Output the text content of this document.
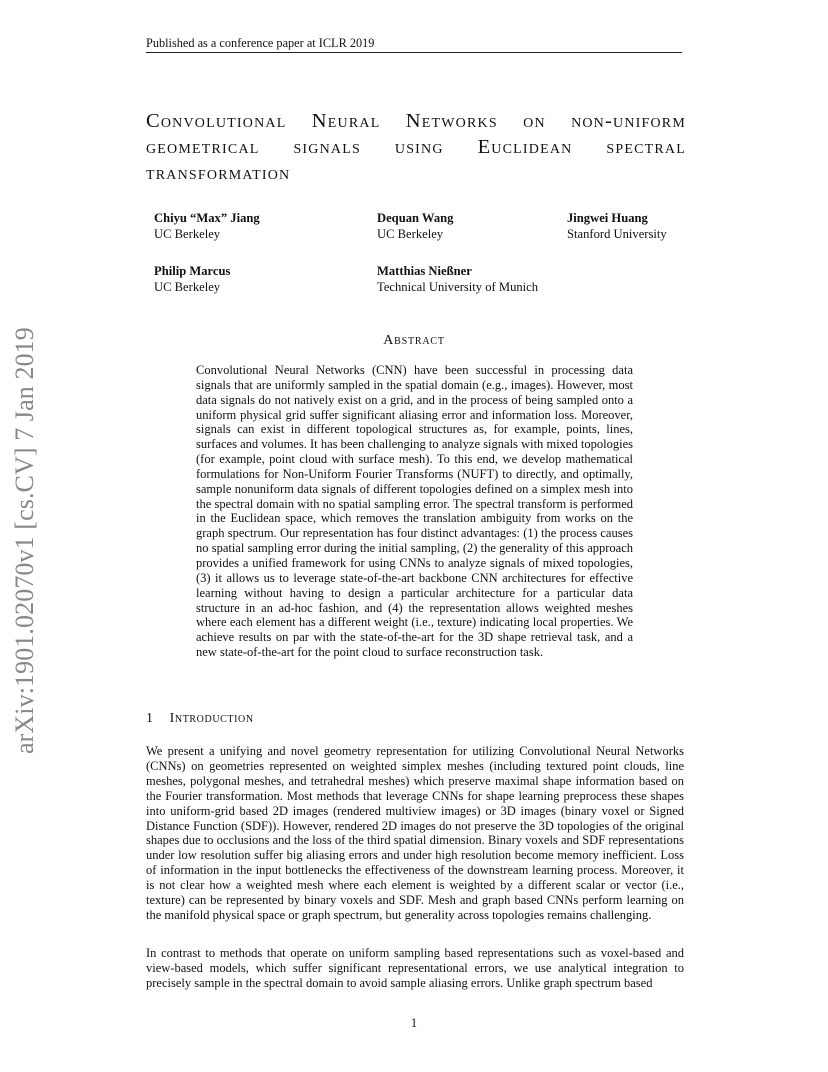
Published as a conference paper at ICLR 2019
arXiv:1901.02070v1 [cs.CV] 7 Jan 2019
Convolutional Neural Networks on non-uniform geometrical signals using Euclidean spectral transformation
Chiyu “Max” Jiang
UC Berkeley
Dequan Wang
UC Berkeley
Jingwei Huang
Stanford University
Philip Marcus
UC Berkeley
Matthias Nießner
Technical University of Munich
Abstract
Convolutional Neural Networks (CNN) have been successful in processing data signals that are uniformly sampled in the spatial domain (e.g., images). However, most data signals do not natively exist on a grid, and in the process of being sampled onto a uniform physical grid suffer significant aliasing error and information loss. Moreover, signals can exist in different topological structures as, for example, points, lines, surfaces and volumes. It has been challenging to analyze signals with mixed topologies (for example, point cloud with surface mesh). To this end, we develop mathematical formulations for Non-Uniform Fourier Transforms (NUFT) to directly, and optimally, sample nonuniform data signals of different topologies defined on a simplex mesh into the spectral domain with no spatial sampling error. The spectral transform is performed in the Euclidean space, which removes the translation ambiguity from works on the graph spectrum. Our representation has four distinct advantages: (1) the process causes no spatial sampling error during the initial sampling, (2) the generality of this approach provides a unified framework for using CNNs to analyze signals of mixed topologies, (3) it allows us to leverage state-of-the-art backbone CNN architectures for effective learning without having to design a particular architecture for a particular data structure in an ad-hoc fashion, and (4) the representation allows weighted meshes where each element has a different weight (i.e., texture) indicating local properties. We achieve results on par with the state-of-the-art for the 3D shape retrieval task, and a new state-of-the-art for the point cloud to surface reconstruction task.
1 Introduction

We present a unifying and novel geometry representation for utilizing Convolutional Neural Networks (CNNs) on geometries represented on weighted simplex meshes (including textured point clouds, line meshes, polygonal meshes, and tetrahedral meshes) which preserve maximal shape information based on the Fourier transformation. Most methods that leverage CNNs for shape learning preprocess these shapes into uniform-grid based 2D images (rendered multiview images) or 3D images (binary voxel or Signed Distance Function (SDF)). However, rendered 2D images do not preserve the 3D topologies of the original shapes due to occlusions and the loss of the third spatial dimension. Binary voxels and SDF representations under low resolution suffer big aliasing errors and under high resolution become memory inefficient. Loss of information in the input bottlenecks the effectiveness of the downstream learning process. Moreover, it is not clear how a weighted mesh where each element is weighted by a different scalar or vector (i.e., texture) can be represented by binary voxels and SDF. Mesh and graph based CNNs perform learning on the manifold physical space or graph spectrum, but generality across topologies remains challenging.

In contrast to methods that operate on uniform sampling based representations such as voxel-based and view-based models, which suffer significant representational errors, we use analytical integration to precisely sample in the spectral domain to avoid sample aliasing errors. Unlike graph spectrum based

1
